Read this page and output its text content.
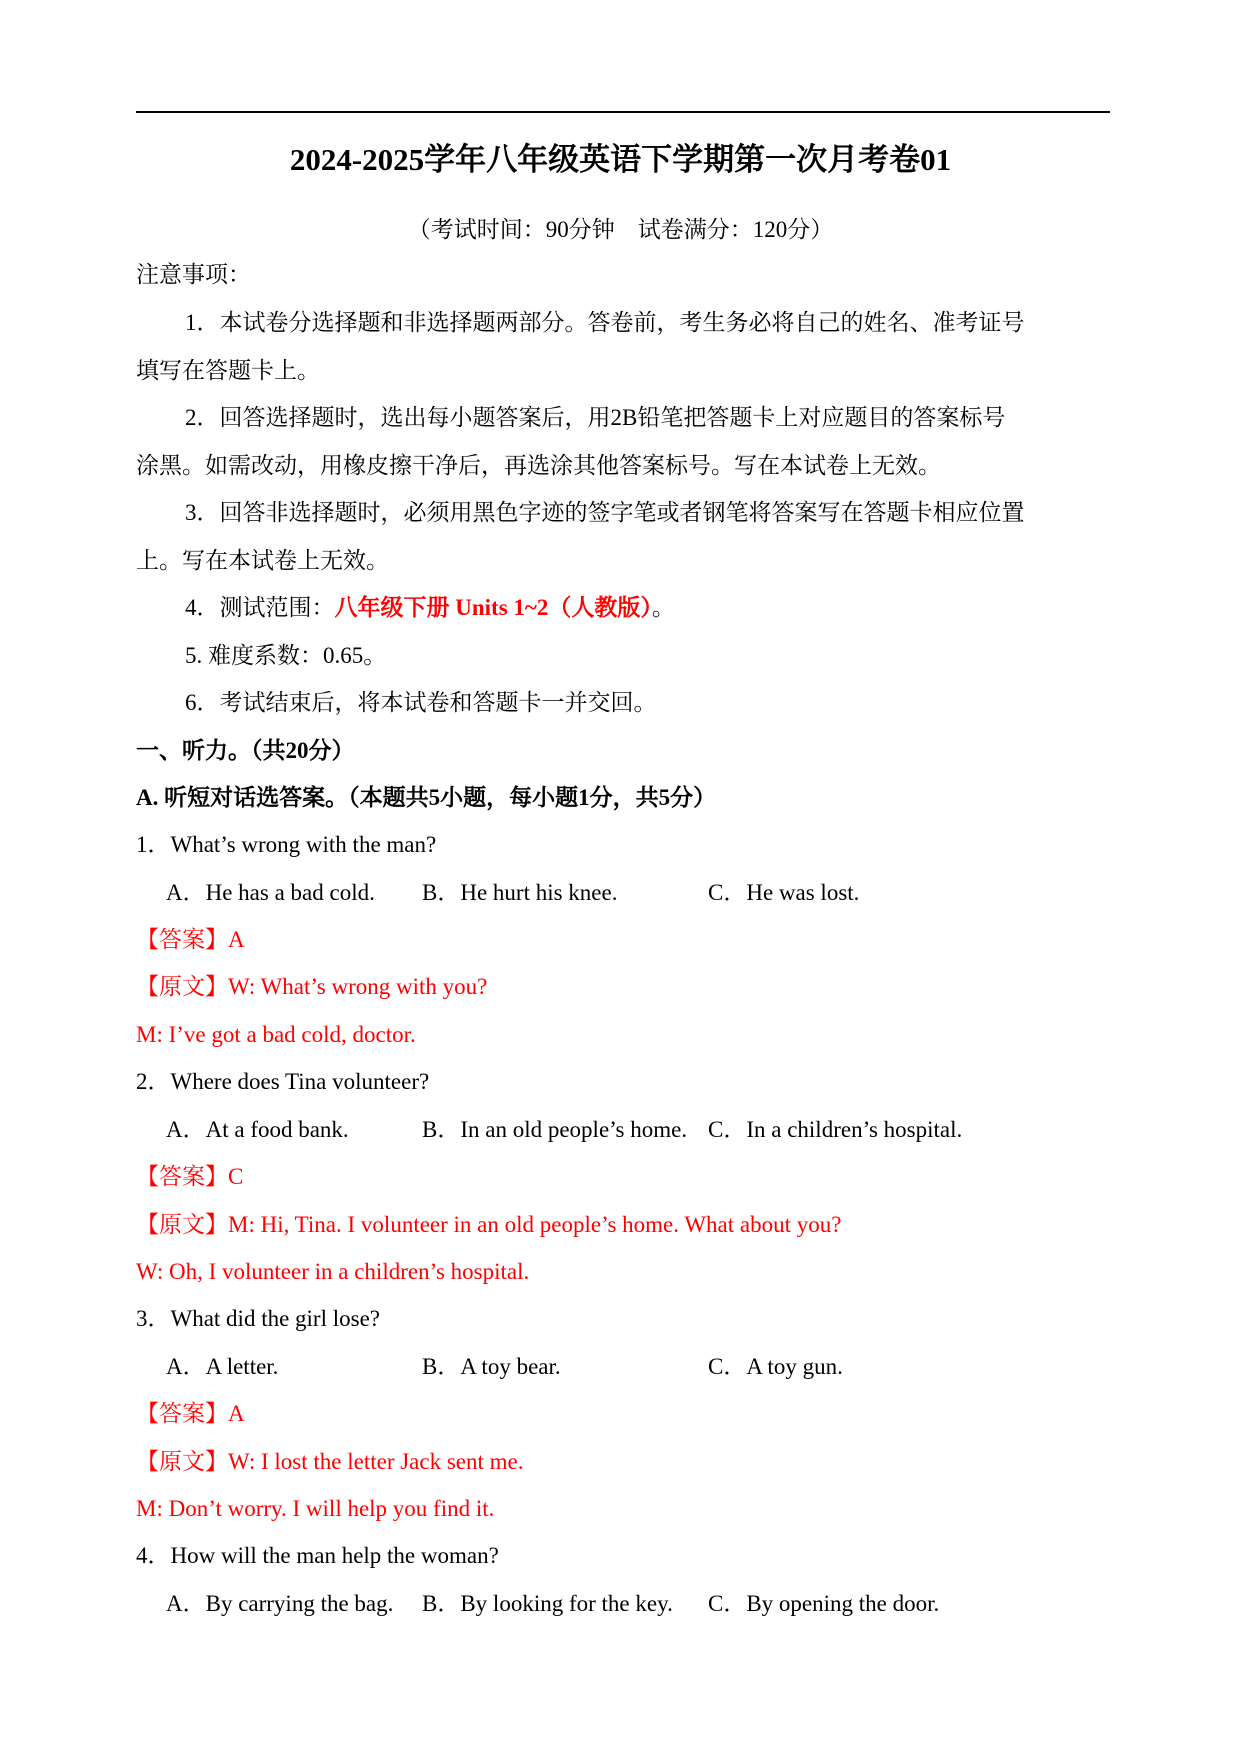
2024-2025学年八年级英语下学期第一次月考卷01
（考试时间：90分钟　试卷满分：120分）
注意事项：
1．本试卷分选择题和非选择题两部分。答卷前，考生务必将自己的姓名、准考证号
填写在答题卡上。
2．回答选择题时，选出每小题答案后，用2B铅笔把答题卡上对应题目的答案标号
涂黑。如需改动，用橡皮擦干净后，再选涂其他答案标号。写在本试卷上无效。
3．回答非选择题时，必须用黑色字迹的签字笔或者钢笔将答案写在答题卡相应位置
上。写在本试卷上无效。
4．测试范围：八年级下册 Units 1~2（人教版）。
5. 难度系数：0.65。
6．考试结束后，将本试卷和答题卡一并交回。
一、听力。（共20分）
A. 听短对话选答案。（本题共5小题，每小题1分，共5分）
1．What’s wrong with the man?
A．He has a bad cold. B．He hurt his knee.	C．He was lost.
【答案】A
【原文】W: What’s wrong with you?
M: I’ve got a bad cold, doctor.
2．Where does Tina volunteer?
A．At a food bank.	B．In an old people’s home. C．In a children’s hospital.
【答案】C
【原文】M: Hi, Tina. I volunteer in an old people’s home. What about you?
W: Oh, I volunteer in a children’s hospital.
3．What did the girl lose?
A．A letter.	B．A toy bear.	C．A toy gun.
【答案】A
【原文】W: I lost the letter Jack sent me.
M: Don’t worry. I will help you find it.
4．How will the man help the woman?
A．By carrying the bag. B．By looking for the key. C．By opening the door.
